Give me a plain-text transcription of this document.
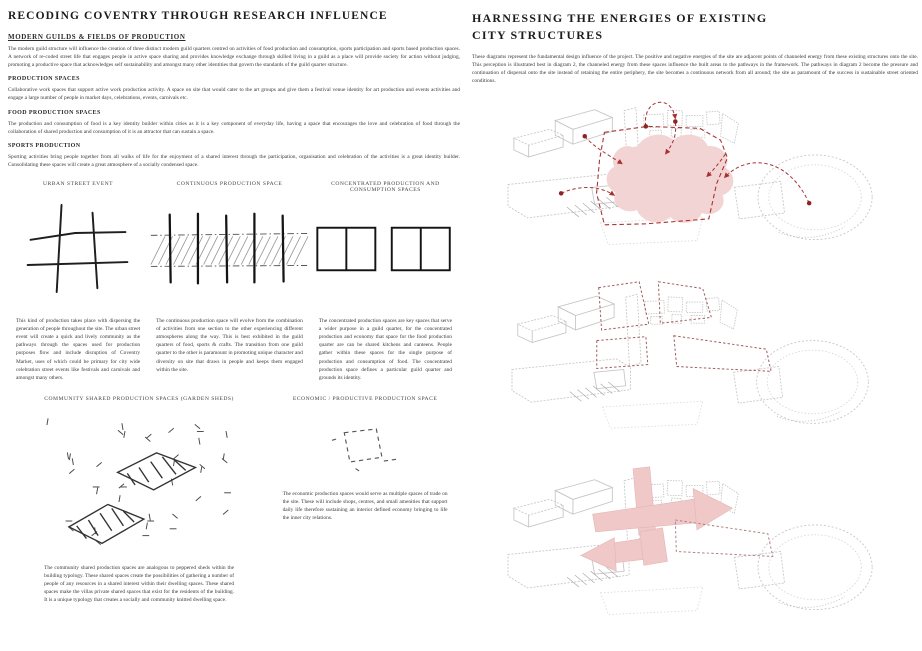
RECODING COVENTRY THROUGH RESEARCH INFLUENCE
MODERN GUILDS & FIELDS OF PRODUCTION

The modern guild structure will influence the creation of three distinct modern guild quarters centred on activities of food production and consumption, sports participation and sports based production spaces. A network of re-coded street life that engages people in active space sharing and provides knowledge exchange through skilled living in a guild as a place will provide society for action without judging, promoting a productive space that acknowledges self sustainability and amongst many other identities that govern the standards of the guild quarter structure.

PRODUCTION SPACES

Collaborative work spaces that support active work production activity. A space on site that would cater to the art groups and give them a festival venue identity for art production and events activities and engage a large number of people in market days, celebrations, events, carnivals etc.

FOOD PRODUCTION SPACES

The production and consumption of food is a key identity builder within cities as it is a key component of everyday life, having a space that encourages the love and celebration of food through the collaboration of shared production and consumption of it is an attractor that can sustain a space.

SPORTS PRODUCTION

Sporting activities bring people together from all walks of life for the enjoyment of a shared interest through the participation, organisation and celebration of the activities is a great identity builder. Consolidating these spaces will create a great atmosphere of a socially condensed space.

URBAN STREET EVENT	CONTINUOUS PRODUCTION SPACE	CONCENTRATED PRODUCTION AND CONSUMPTION SPACES
This kind of production takes place with dispersing the generation of people throughout the site. The urban street event will create a quick and lively community as the pathways through the spaces used for production purposes flow and include disruption of Coventry Market, uses of which could be primary for city wide celebration street events like festivals and carnivals and amongst many others.
The continuous production space will evolve from the combination of activities from one section to the other experiencing different atmospheres along the way. This is best exhibited in the guild quarters of food, sports & crafts. The transition from one guild quarter to the other is paramount in promoting unique character and diversity on site that draws in people and keeps them engaged within the site.
The concentrated production spaces are key spaces that serve a wider purpose in a guild quarter, for the concentrated production and economy that space for the food production quarter are can be shared kitchens and canteens. People gather within these spaces for the single purpose of production and consumption of food. The concentrated production space defines a particular guild quarter and grounds its identity.
COMMUNITY SHARED PRODUCTION SPACES (GARDEN SHEDS)
The community shared production spaces are analogous to peppered sheds within the building typology. These shared spaces create the possibilities of gathering a number of people of any resources in a shared interest within their dwelling spaces. These shared spaces make the villas private shared spaces that exist for the residents of the building. It is a unique typology that creates a socially and community knitted dwelling space.
ECONOMIC / PRODUCTIVE PRODUCTION SPACE
The economic production spaces would serve as multiple spaces of trade on the site. These will include shops, centres, and small amenities that support daily life therefore sustaining an interior defined economy bringing to life the inner city relations.
HARNESSING THE ENERGIES OF EXISTING
CITY STRUCTURES

These diagrams represent the fundamental design influence of the project. The positive and negative energies of the site are adjacent points of channeled energy from these existing structures onto the site. This perception is illustrated best in diagram 2, the channeled energy from these spaces influence the built areas to the pathways in the framework. The pathways in diagram 2 become the pressure and continuation of dispersal onto the site instead of retaining the entire periphery, the site becomes a continuous network from all around; the site as paramount of the success in sustainable street oriented conditions.
